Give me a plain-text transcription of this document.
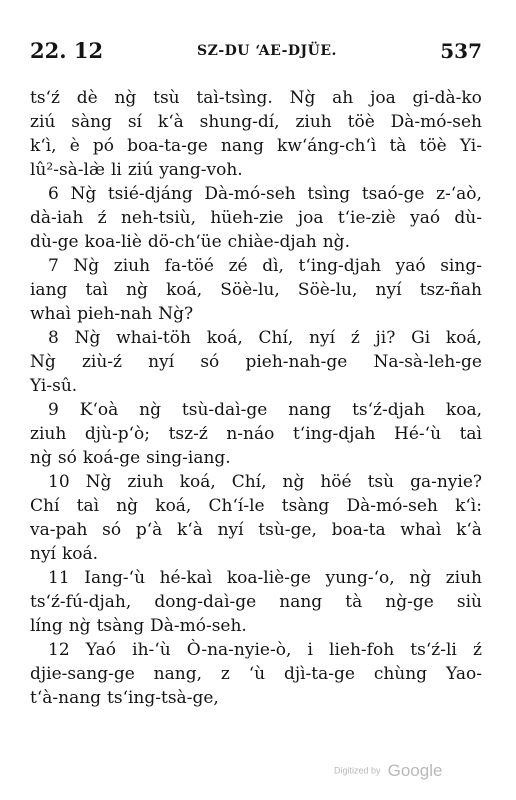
22. 12	SZ-DU ‘AE-DJÜE.	537
ts‘ź dè ng̀ tsù taì-tsìng. Ng̀ ah joa gi-dà-ko
ziú sàng sí k‘à shung-dí, ziuh töè Dà-mó-seh
k‘ì, è pó boa-ta-ge nang kw‘áng-ch‘ì tà töè Yi-
lû²-sà-læ̀ li ziú yang-voh.
6 Ng̀ tsié-djáng Dà-mó-seh tsìng tsaó-ge z-‘aò,
dà-iah ź neh-tsiù, hüeh-zie joa t‘ie-ziè yaó dù-
dù-ge koa-liè dö-ch‘üe chiàe-djah ng̀.
7 Ng̀ ziuh fa-töé zé dì, t‘ing-djah yaó sing-
iang taì ng̀ koá, Söè-lu, Söè-lu, nyí tsz-ñah
whaì pieh-nah Ng̀?
8 Ng̀ whai-töh koá, Chí, nyí ź ji? Gi koá,
Ng̀ ziù-ź nyí só pieh-nah-ge Na-sà-leh-ge
Yi-sû.
9 K‘oà ng̀ tsù-daì-ge nang ts‘ź-djah koa,
ziuh djù-p‘ò; tsz-ź n-náo t‘ing-djah Hé-‘ù taì
ng̀ só koá-ge sing-iang.
10 Ng̀ ziuh koá, Chí, ng̀ höé tsù ga-nyie?
Chí taì ng̀ koá, Ch‘í-le tsàng Dà-mó-seh k‘ì:
va-pah só p‘à k‘à nyí tsù-ge, boa-ta whaì k‘à
nyí koá.
11 Iang-‘ù hé-kaì koa-liè-ge yung-‘o, ng̀ ziuh
ts‘ź-fú-djah, dong-daì-ge nang tà ng̀-ge siù
líng ng̀ tsàng Dà-mó-seh.
12 Yaó ih-‘ù Ò-na-nyie-ò, i lieh-foh ts‘ź-li ź
djie-sang-ge nang, z ‘ù djì-ta-ge chùng Yao-
t‘à-nang ts‘ing-tsà-ge,
Digitized by Google
